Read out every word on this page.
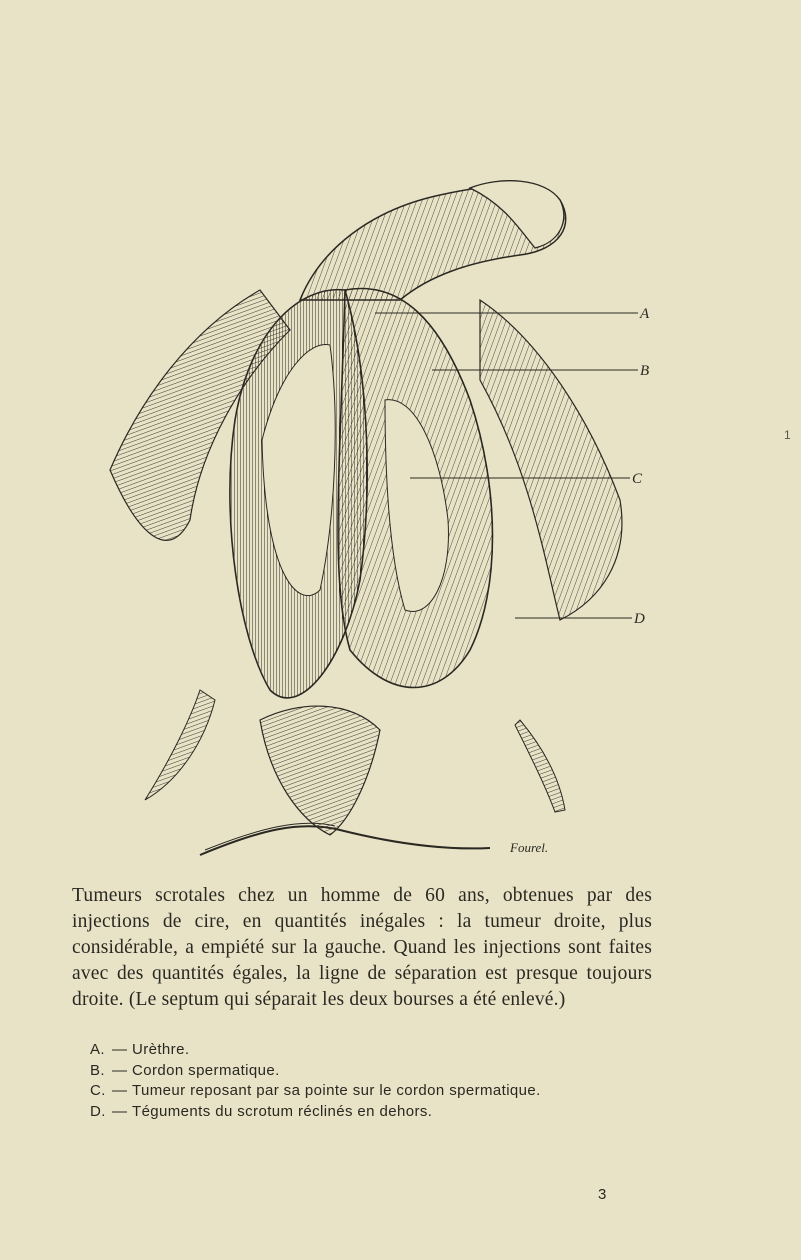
A
B
C
D
Fourel.
1
Tumeurs scrotales chez un homme de 60 ans, obtenues par des injections de cire, en quantités inégales : la tumeur droite, plus considérable, a empiété sur la gauche. Quand les injections sont faites avec des quantités égales, la ligne de séparation est presque toujours droite. (Le septum qui séparait les deux bourses a été enlevé.)
A. — Urèthre.
B. — Cordon spermatique.
C. — Tumeur reposant par sa pointe sur le cordon spermatique.
D. — Téguments du scrotum réclinés en dehors.
3
